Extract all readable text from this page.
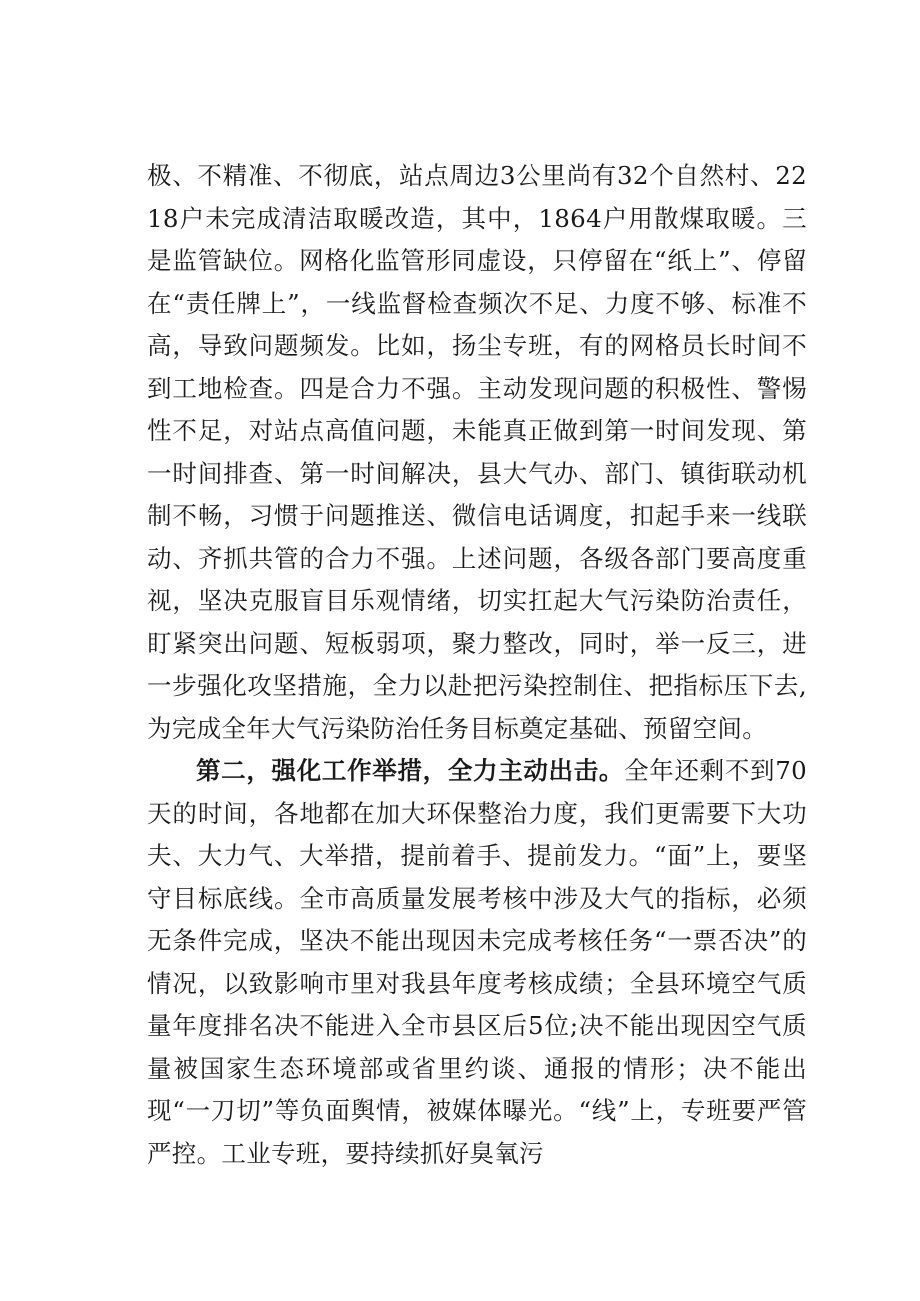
极、不精准、不彻底，站点周边3公里尚有32个自然村、2218户未完成清洁取暖改造，其中，1864户用散煤取暖。三是监管缺位。网格化监管形同虚设，只停留在“纸上”、停留在“责任牌上”，一线监督检查频次不足、力度不够、标准不高，导致问题频发。比如，扬尘专班，有的网格员长时间不到工地检查。四是合力不强。主动发现问题的积极性、警惕性不足，对站点高值问题，未能真正做到第一时间发现、第一时间排查、第一时间解决，县大气办、部门、镇街联动机制不畅，习惯于问题推送、微信电话调度，扣起手来一线联动、齐抓共管的合力不强。上述问题，各级各部门要高度重视，坚决克服盲目乐观情绪，切实扛起大气污染防治责任，盯紧突出问题、短板弱项，聚力整改，同时，举一反三，进一步强化攻坚措施，全力以赴把污染控制住、把指标压下去,为完成全年大气污染防治任务目标奠定基础、预留空间。

第二，强化工作举措，全力主动出击。全年还剩不到70天的时间，各地都在加大环保整治力度，我们更需要下大功夫、大力气、大举措，提前着手、提前发力。“面”上，要坚守目标底线。全市高质量发展考核中涉及大气的指标，必须无条件完成，坚决不能出现因未完成考核任务“一票否决”的情况，以致影响市里对我县年度考核成绩；全县环境空气质量年度排名决不能进入全市县区后5位;决不能出现因空气质量被国家生态环境部或省里约谈、通报的情形；决不能出现“一刀切”等负面舆情，被媒体曝光。“线”上，专班要严管严控。工业专班，要持续抓好臭氧污
